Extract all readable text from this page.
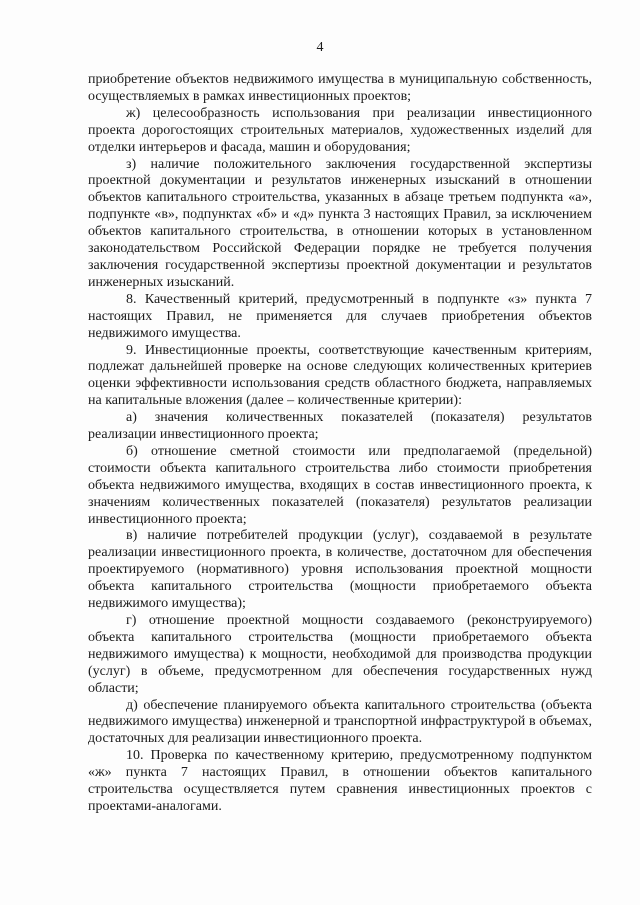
4

приобретение объектов недвижимого имущества в муниципальную собственность, осуществляемых в рамках инвестиционных проектов;

ж) целесообразность использования при реализации инвестиционного проекта дорогостоящих строительных материалов, художественных изделий для отделки интерьеров и фасада, машин и оборудования;

з) наличие положительного заключения государственной экспертизы проектной документации и результатов инженерных изысканий в отношении объектов капитального строительства, указанных в абзаце третьем подпункта «а», подпункте «в», подпунктах «б» и «д» пункта 3 настоящих Правил, за исключением объектов капитального строительства, в отношении которых в установленном законодательством Российской Федерации порядке не требуется получения заключения государственной экспертизы проектной документации и результатов инженерных изысканий.

8. Качественный критерий, предусмотренный в подпункте «з» пункта 7 настоящих Правил, не применяется для случаев приобретения объектов недвижимого имущества.

9. Инвестиционные проекты, соответствующие качественным критериям, подлежат дальнейшей проверке на основе следующих количественных критериев оценки эффективности использования средств областного бюджета, направляемых на капитальные вложения (далее – количественные критерии):

а) значения количественных показателей (показателя) результатов реализации инвестиционного проекта;

б) отношение сметной стоимости или предполагаемой (предельной) стоимости объекта капитального строительства либо стоимости приобретения объекта недвижимого имущества, входящих в состав инвестиционного проекта, к значениям количественных показателей (показателя) результатов реализации инвестиционного проекта;

в) наличие потребителей продукции (услуг), создаваемой в результате реализации инвестиционного проекта, в количестве, достаточном для обеспечения проектируемого (нормативного) уровня использования проектной мощности объекта капитального строительства (мощности приобретаемого объекта недвижимого имущества);

г) отношение проектной мощности создаваемого (реконструируемого) объекта капитального строительства (мощности приобретаемого объекта недвижимого имущества) к мощности, необходимой для производства продукции (услуг) в объеме, предусмотренном для обеспечения государственных нужд области;

д) обеспечение планируемого объекта капитального строительства (объекта недвижимого имущества) инженерной и транспортной инфраструктурой в объемах, достаточных для реализации инвестиционного проекта.

10. Проверка по качественному критерию, предусмотренному подпунктом «ж» пункта 7 настоящих Правил, в отношении объектов капитального строительства осуществляется путем сравнения инвестиционных проектов с проектами-аналогами.
